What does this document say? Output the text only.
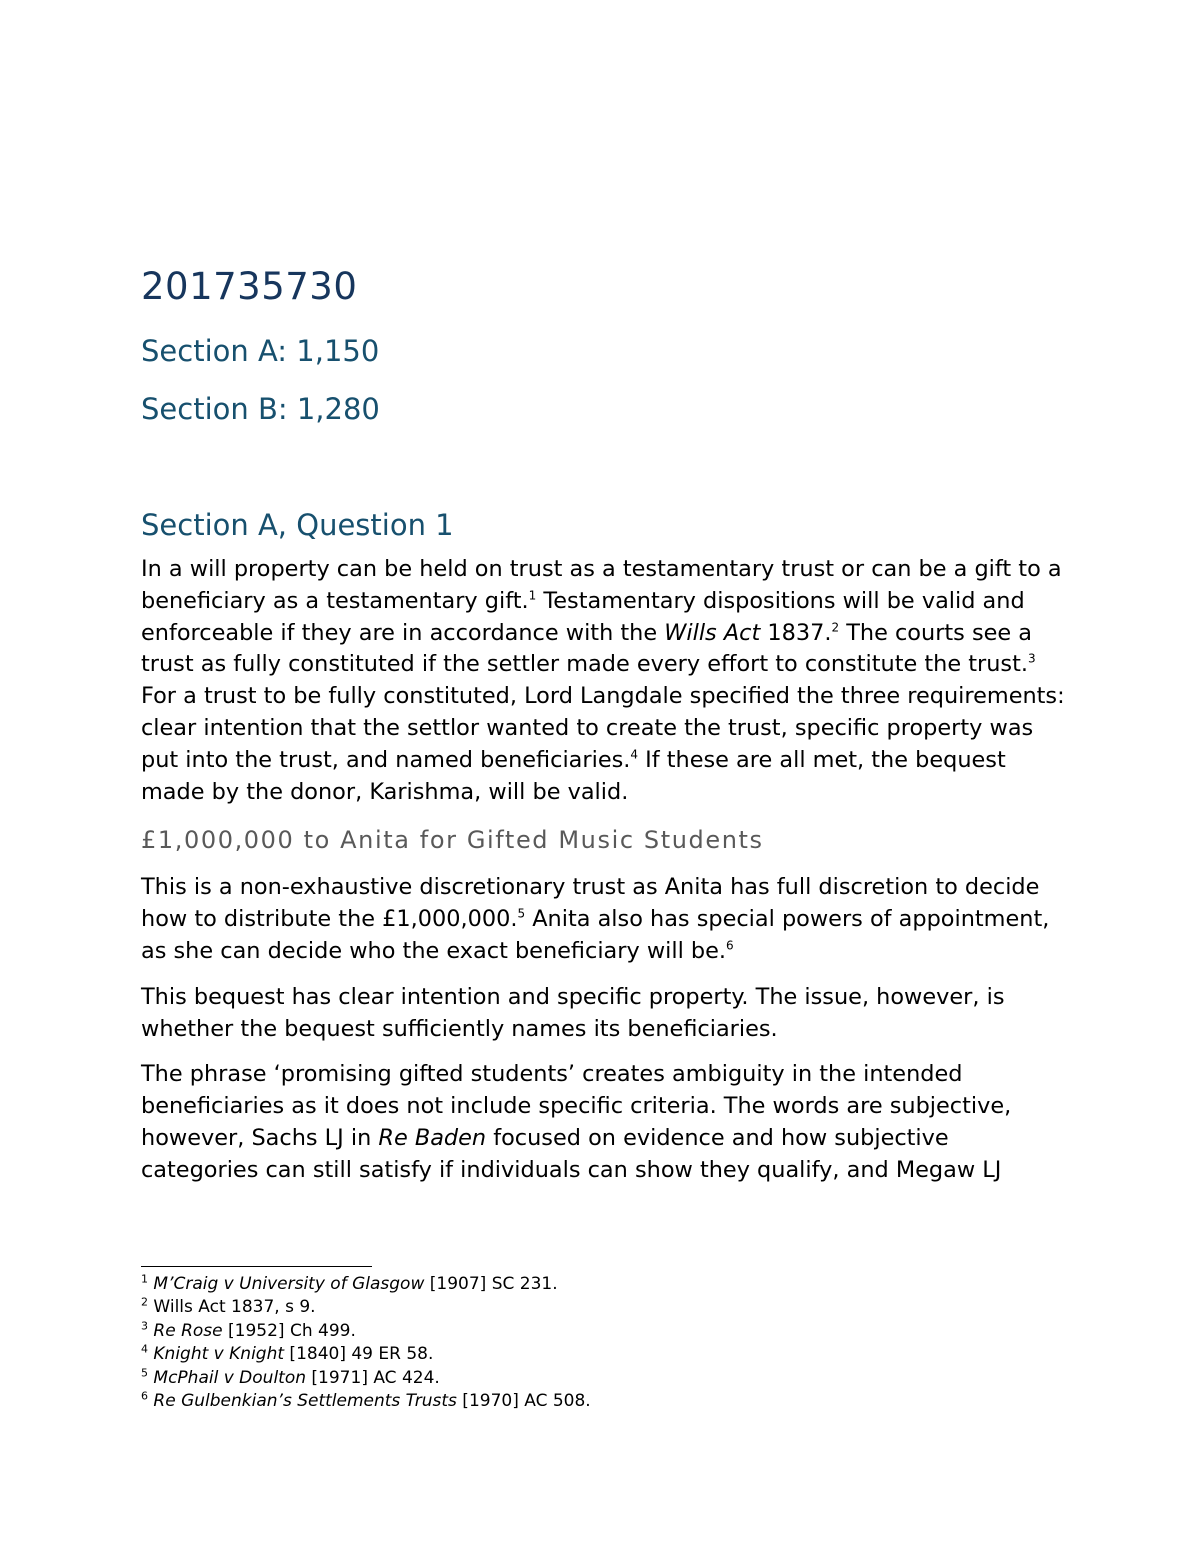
201735730
Section A: 1,150
Section B: 1,280
Section A, Question 1

In a will property can be held on trust as a testamentary trust or can be a gift to a beneficiary as a testamentary gift.$^1$ Testamentary dispositions will be valid and enforceable if they are in accordance with the Wills Act 1837.$^2$ The courts see a trust as fully constituted if the settler made every effort to constitute the trust.$^3$ For a trust to be fully constituted, Lord Langdale specified the three requirements: clear intention that the settlor wanted to create the trust, specific property was put into the trust, and named beneficiaries.$^4$ If these are all met, the bequest made by the donor, Karishma, will be valid.

£1,000,000 to Anita for Gifted Music Students

This is a non-exhaustive discretionary trust as Anita has full discretion to decide how to distribute the £1,000,000.$^5$ Anita also has special powers of appointment, as she can decide who the exact beneficiary will be.$^6$

This bequest has clear intention and specific property. The issue, however, is whether the bequest sufficiently names its beneficiaries.

The phrase ‘promising gifted students’ creates ambiguity in the intended beneficiaries as it does not include specific criteria. The words are subjective, however, Sachs LJ in Re Baden focused on evidence and how subjective categories can still satisfy if individuals can show they qualify, and Megaw LJ

$^1$ M’Craig v University of Glasgow [1907] SC 231.
$^2$ Wills Act 1837, s 9.
$^3$ Re Rose [1952] Ch 499.
$^4$ Knight v Knight [1840] 49 ER 58.
$^5$ McPhail v Doulton [1971] AC 424.
$^6$ Re Gulbenkian’s Settlements Trusts [1970] AC 508.
